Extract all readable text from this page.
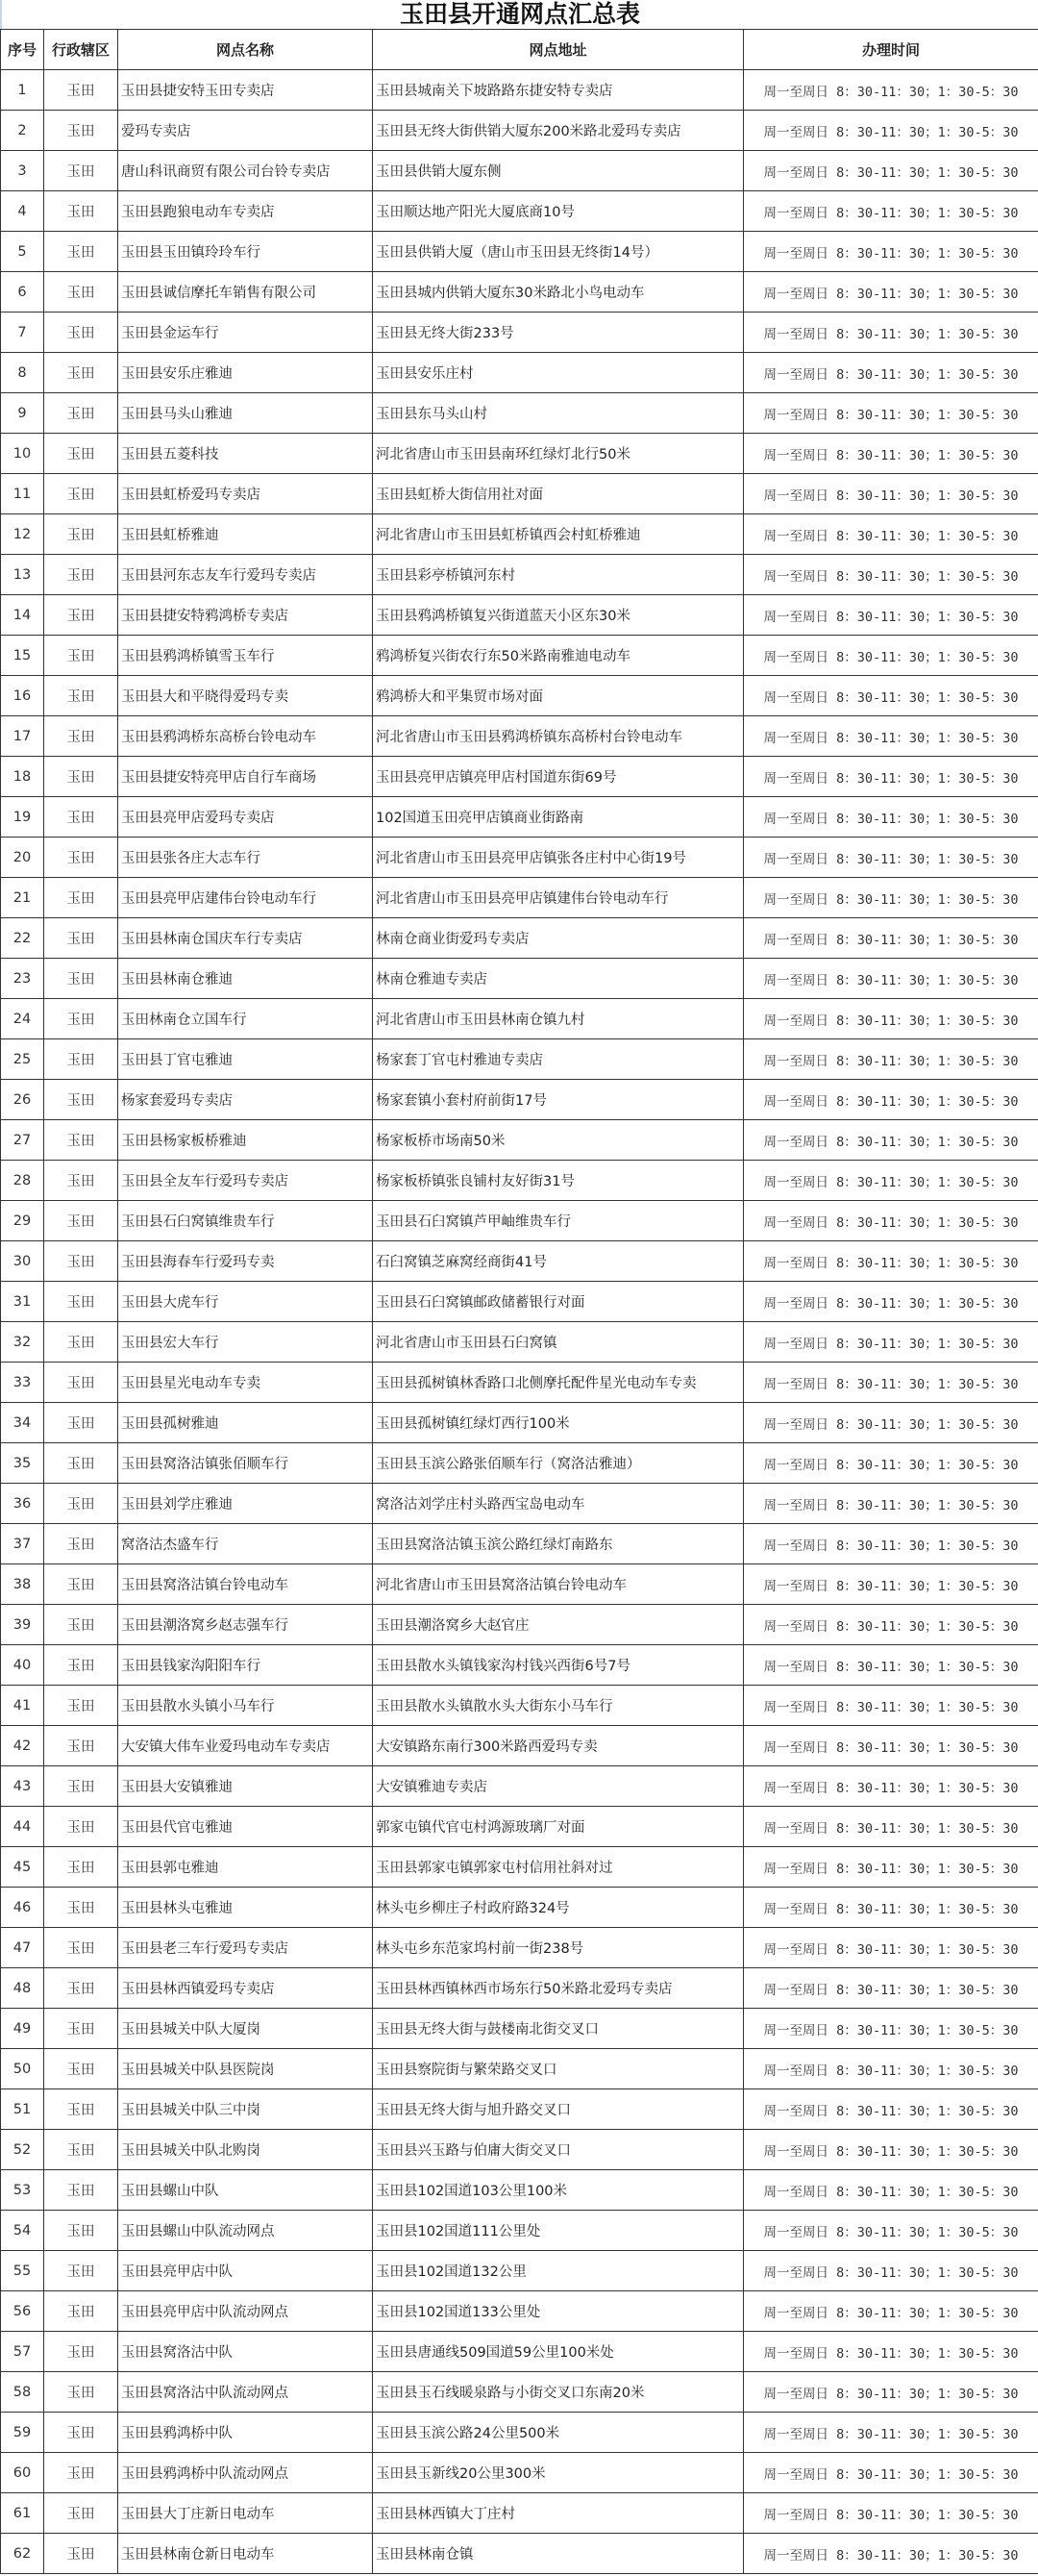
玉田县开通网点汇总表
序号	行政辖区	网点名称	网点地址	办理时间
1	玉田	玉田县捷安特玉田专卖店	玉田县城南关下坡路路东捷安特专卖店	周一至周日 8：30-11：30；1：30-5：30
2	玉田	爱玛专卖店	玉田县无终大街供销大厦东200米路北爱玛专卖店	周一至周日 8：30-11：30；1：30-5：30
3	玉田	唐山科讯商贸有限公司台铃专卖店	玉田县供销大厦东侧	周一至周日 8：30-11：30；1：30-5：30
4	玉田	玉田县跑狼电动车专卖店	玉田顺达地产阳光大厦底商10号	周一至周日 8：30-11：30；1：30-5：30
5	玉田	玉田县玉田镇玲玲车行	玉田县供销大厦（唐山市玉田县无终街14号）	周一至周日 8：30-11：30；1：30-5：30
6	玉田	玉田县诚信摩托车销售有限公司	玉田县城内供销大厦东30米路北小鸟电动车	周一至周日 8：30-11：30；1：30-5：30
7	玉田	玉田县金运车行	玉田县无终大街233号	周一至周日 8：30-11：30；1：30-5：30
8	玉田	玉田县安乐庄雅迪	玉田县安乐庄村	周一至周日 8：30-11：30；1：30-5：30
9	玉田	玉田县马头山雅迪	玉田县东马头山村	周一至周日 8：30-11：30；1：30-5：30
10	玉田	玉田县五菱科技	河北省唐山市玉田县南环红绿灯北行50米	周一至周日 8：30-11：30；1：30-5：30
11	玉田	玉田县虹桥爱玛专卖店	玉田县虹桥大街信用社对面	周一至周日 8：30-11：30；1：30-5：30
12	玉田	玉田县虹桥雅迪	河北省唐山市玉田县虹桥镇西会村虹桥雅迪	周一至周日 8：30-11：30；1：30-5：30
13	玉田	玉田县河东志友车行爱玛专卖店	玉田县彩亭桥镇河东村	周一至周日 8：30-11：30；1：30-5：30
14	玉田	玉田县捷安特鸦鸿桥专卖店	玉田县鸦鸿桥镇复兴街道蓝天小区东30米	周一至周日 8：30-11：30；1：30-5：30
15	玉田	玉田县鸦鸿桥镇雪玉车行	鸦鸿桥复兴街农行东50米路南雅迪电动车	周一至周日 8：30-11：30；1：30-5：30
16	玉田	玉田县大和平晓得爱玛专卖	鸦鸿桥大和平集贸市场对面	周一至周日 8：30-11：30；1：30-5：30
17	玉田	玉田县鸦鸿桥东高桥台铃电动车	河北省唐山市玉田县鸦鸿桥镇东高桥村台铃电动车	周一至周日 8：30-11：30；1：30-5：30
18	玉田	玉田县捷安特亮甲店自行车商场	玉田县亮甲店镇亮甲店村国道东街69号	周一至周日 8：30-11：30；1：30-5：30
19	玉田	玉田县亮甲店爱玛专卖店	102国道玉田亮甲店镇商业街路南	周一至周日 8：30-11：30；1：30-5：30
20	玉田	玉田县张各庄大志车行	河北省唐山市玉田县亮甲店镇张各庄村中心街19号	周一至周日 8：30-11：30；1：30-5：30
21	玉田	玉田县亮甲店建伟台铃电动车行	河北省唐山市玉田县亮甲店镇建伟台铃电动车行	周一至周日 8：30-11：30；1：30-5：30
22	玉田	玉田县林南仓国庆车行专卖店	林南仓商业街爱玛专卖店	周一至周日 8：30-11：30；1：30-5：30
23	玉田	玉田县林南仓雅迪	林南仓雅迪专卖店	周一至周日 8：30-11：30；1：30-5：30
24	玉田	玉田林南仓立国车行	河北省唐山市玉田县林南仓镇九村	周一至周日 8：30-11：30；1：30-5：30
25	玉田	玉田县丁官屯雅迪	杨家套丁官屯村雅迪专卖店	周一至周日 8：30-11：30；1：30-5：30
26	玉田	杨家套爱玛专卖店	杨家套镇小套村府前街17号	周一至周日 8：30-11：30；1：30-5：30
27	玉田	玉田县杨家板桥雅迪	杨家板桥市场南50米	周一至周日 8：30-11：30；1：30-5：30
28	玉田	玉田县全友车行爱玛专卖店	杨家板桥镇张良铺村友好街31号	周一至周日 8：30-11：30；1：30-5：30
29	玉田	玉田县石臼窝镇维贵车行	玉田县石臼窝镇芦甲岫维贵车行	周一至周日 8：30-11：30；1：30-5：30
30	玉田	玉田县海春车行爱玛专卖	石臼窝镇芝麻窝经商街41号	周一至周日 8：30-11：30；1：30-5：30
31	玉田	玉田县大虎车行	玉田县石臼窝镇邮政储蓄银行对面	周一至周日 8：30-11：30；1：30-5：30
32	玉田	玉田县宏大车行	河北省唐山市玉田县石臼窝镇	周一至周日 8：30-11：30；1：30-5：30
33	玉田	玉田县星光电动车专卖	玉田县孤树镇林香路口北侧摩托配件星光电动车专卖	周一至周日 8：30-11：30；1：30-5：30
34	玉田	玉田县孤树雅迪	玉田县孤树镇红绿灯西行100米	周一至周日 8：30-11：30；1：30-5：30
35	玉田	玉田县窝洛沽镇张佰顺车行	玉田县玉滨公路张佰顺车行（窝洛沽雅迪）	周一至周日 8：30-11：30；1：30-5：30
36	玉田	玉田县刘学庄雅迪	窝洛沽刘学庄村头路西宝岛电动车	周一至周日 8：30-11：30；1：30-5：30
37	玉田	窝洛沽杰盛车行	玉田县窝洛沽镇玉滨公路红绿灯南路东	周一至周日 8：30-11：30；1：30-5：30
38	玉田	玉田县窝洛沽镇台铃电动车	河北省唐山市玉田县窝洛沽镇台铃电动车	周一至周日 8：30-11：30；1：30-5：30
39	玉田	玉田县潮洛窝乡赵志强车行	玉田县潮洛窝乡大赵官庄	周一至周日 8：30-11：30；1：30-5：30
40	玉田	玉田县钱家沟阳阳车行	玉田县散水头镇钱家沟村钱兴西街6号7号	周一至周日 8：30-11：30；1：30-5：30
41	玉田	玉田县散水头镇小马车行	玉田县散水头镇散水头大街东小马车行	周一至周日 8：30-11：30；1：30-5：30
42	玉田	大安镇大伟车业爱玛电动车专卖店	大安镇路东南行300米路西爱玛专卖	周一至周日 8：30-11：30；1：30-5：30
43	玉田	玉田县大安镇雅迪	大安镇雅迪专卖店	周一至周日 8：30-11：30；1：30-5：30
44	玉田	玉田县代官屯雅迪	郭家屯镇代官屯村鸿源玻璃厂对面	周一至周日 8：30-11：30；1：30-5：30
45	玉田	玉田县郭屯雅迪	玉田县郭家屯镇郭家屯村信用社斜对过	周一至周日 8：30-11：30；1：30-5：30
46	玉田	玉田县林头屯雅迪	林头屯乡柳庄子村政府路324号	周一至周日 8：30-11：30；1：30-5：30
47	玉田	玉田县老三车行爱玛专卖店	林头屯乡东范家坞村前一街238号	周一至周日 8：30-11：30；1：30-5：30
48	玉田	玉田县林西镇爱玛专卖店	玉田县林西镇林西市场东行50米路北爱玛专卖店	周一至周日 8：30-11：30；1：30-5：30
49	玉田	玉田县城关中队大厦岗	玉田县无终大街与鼓楼南北街交叉口	周一至周日 8：30-11：30；1：30-5：30
50	玉田	玉田县城关中队县医院岗	玉田县察院街与繁荣路交叉口	周一至周日 8：30-11：30；1：30-5：30
51	玉田	玉田县城关中队三中岗	玉田县无终大街与旭升路交叉口	周一至周日 8：30-11：30；1：30-5：30
52	玉田	玉田县城关中队北购岗	玉田县兴玉路与伯庸大街交叉口	周一至周日 8：30-11：30；1：30-5：30
53	玉田	玉田县螺山中队	玉田县102国道103公里100米	周一至周日 8：30-11：30；1：30-5：30
54	玉田	玉田县螺山中队流动网点	玉田县102国道111公里处	周一至周日 8：30-11：30；1：30-5：30
55	玉田	玉田县亮甲店中队	玉田县102国道132公里	周一至周日 8：30-11：30；1：30-5：30
56	玉田	玉田县亮甲店中队流动网点	玉田县102国道133公里处	周一至周日 8：30-11：30；1：30-5：30
57	玉田	玉田县窝洛沽中队	玉田县唐通线509国道59公里100米处	周一至周日 8：30-11：30；1：30-5：30
58	玉田	玉田县窝洛沽中队流动网点	玉田县玉石线暖泉路与小街交叉口东南20米	周一至周日 8：30-11：30；1：30-5：30
59	玉田	玉田县鸦鸿桥中队	玉田县玉滨公路24公里500米	周一至周日 8：30-11：30；1：30-5：30
60	玉田	玉田县鸦鸿桥中队流动网点	玉田县玉新线20公里300米	周一至周日 8：30-11：30；1：30-5：30
61	玉田	玉田县大丁庄新日电动车	玉田县林西镇大丁庄村	周一至周日 8：30-11：30；1：30-5：30
62	玉田	玉田县林南仓新日电动车	玉田县林南仓镇	周一至周日 8：30-11：30；1：30-5：30
